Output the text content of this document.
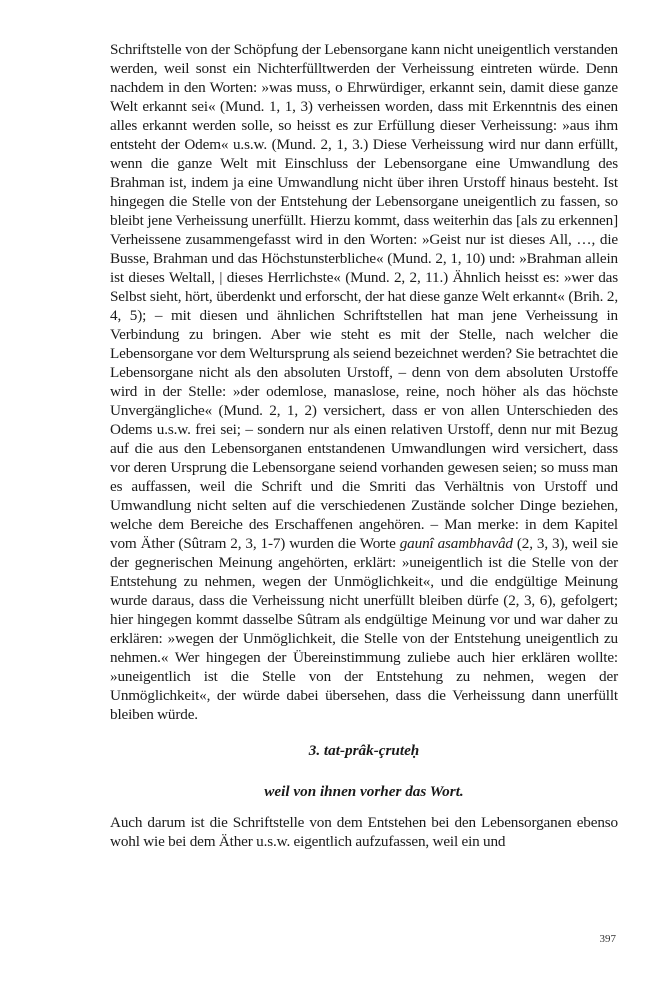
Schriftstelle von der Schöpfung der Lebensorgane kann nicht uneigentlich verstanden werden, weil sonst ein Nichterfülltwerden der Verheissung eintreten würde. Denn nachdem in den Worten: »was muss, o Ehrwürdiger, erkannt sein, damit diese ganze Welt erkannt sei« (Mund. 1, 1, 3) verheissen worden, dass mit Erkenntnis des einen alles erkannt werden solle, so heisst es zur Erfüllung dieser Verheissung: »aus ihm entsteht der Odem« u.s.w. (Mund. 2, 1, 3.) Diese Verheissung wird nur dann erfüllt, wenn die ganze Welt mit Einschluss der Lebensorgane eine Umwandlung des Brahman ist, indem ja eine Umwandlung nicht über ihren Urstoff hinaus besteht. Ist hingegen die Stelle von der Entstehung der Lebensorgane uneigentlich zu fassen, so bleibt jene Verheissung unerfüllt. Hierzu kommt, dass weiterhin das [als zu erkennen] Verheissene zusammengefasst wird in den Worten: »Geist nur ist dieses All, …, die Busse, Brahman und das Höchstunsterbliche« (Mund. 2, 1, 10) und: »Brahman allein ist dieses Weltall, | dieses Herrlichste« (Mund. 2, 2, 11.) Ähnlich heisst es: »wer das Selbst sieht, hört, überdenkt und erforscht, der hat diese ganze Welt erkannt« (Brih. 2, 4, 5); – mit diesen und ähnlichen Schriftstellen hat man jene Verheissung in Verbindung zu bringen. Aber wie steht es mit der Stelle, nach welcher die Lebensorgane vor dem Weltursprung als seiend bezeichnet werden? Sie betrachtet die Lebensorgane nicht als den absoluten Urstoff, – denn von dem absoluten Urstoffe wird in der Stelle: »der odemlose, manaslose, reine, noch höher als das höchste Unvergängliche« (Mund. 2, 1, 2) versichert, dass er von allen Unterschieden des Odems u.s.w. frei sei; – sondern nur als einen relativen Urstoff, denn nur mit Bezug auf die aus den Lebensorganen entstandenen Umwandlungen wird versichert, dass vor deren Ursprung die Lebensorgane seiend vorhanden gewesen seien; so muss man es auffassen, weil die Schrift und die Smriti das Verhältnis von Urstoff und Umwandlung nicht selten auf die verschiedenen Zustände solcher Dinge beziehen, welche dem Bereiche des Erschaffenen angehören. – Man merke: in dem Kapitel vom Äther (Sûtram 2, 3, 1-7) wurden die Worte gaunî asambhavâd (2, 3, 3), weil sie der gegnerischen Meinung angehörten, erklärt: »uneigentlich ist die Stelle von der Entstehung zu nehmen, wegen der Unmöglichkeit«, und die endgültige Meinung wurde daraus, dass die Verheissung nicht unerfüllt bleiben dürfe (2, 3, 6), gefolgert; hier hingegen kommt dasselbe Sûtram als endgültige Meinung vor und war daher zu erklären: »wegen der Unmöglichkeit, die Stelle von der Entstehung uneigentlich zu nehmen.« Wer hingegen der Übereinstimmung zuliebe auch hier erklären wollte: »uneigentlich ist die Stelle von der Entstehung zu nehmen, wegen der Unmöglichkeit«, der würde dabei übersehen, dass die Verheissung dann unerfüllt bleiben würde.

3. tat-prâk-çruteḥ

weil von ihnen vorher das Wort.

Auch darum ist die Schriftstelle von dem Entstehen bei den Lebensorganen ebenso wohl wie bei dem Äther u.s.w. eigentlich aufzufassen, weil ein und

397
